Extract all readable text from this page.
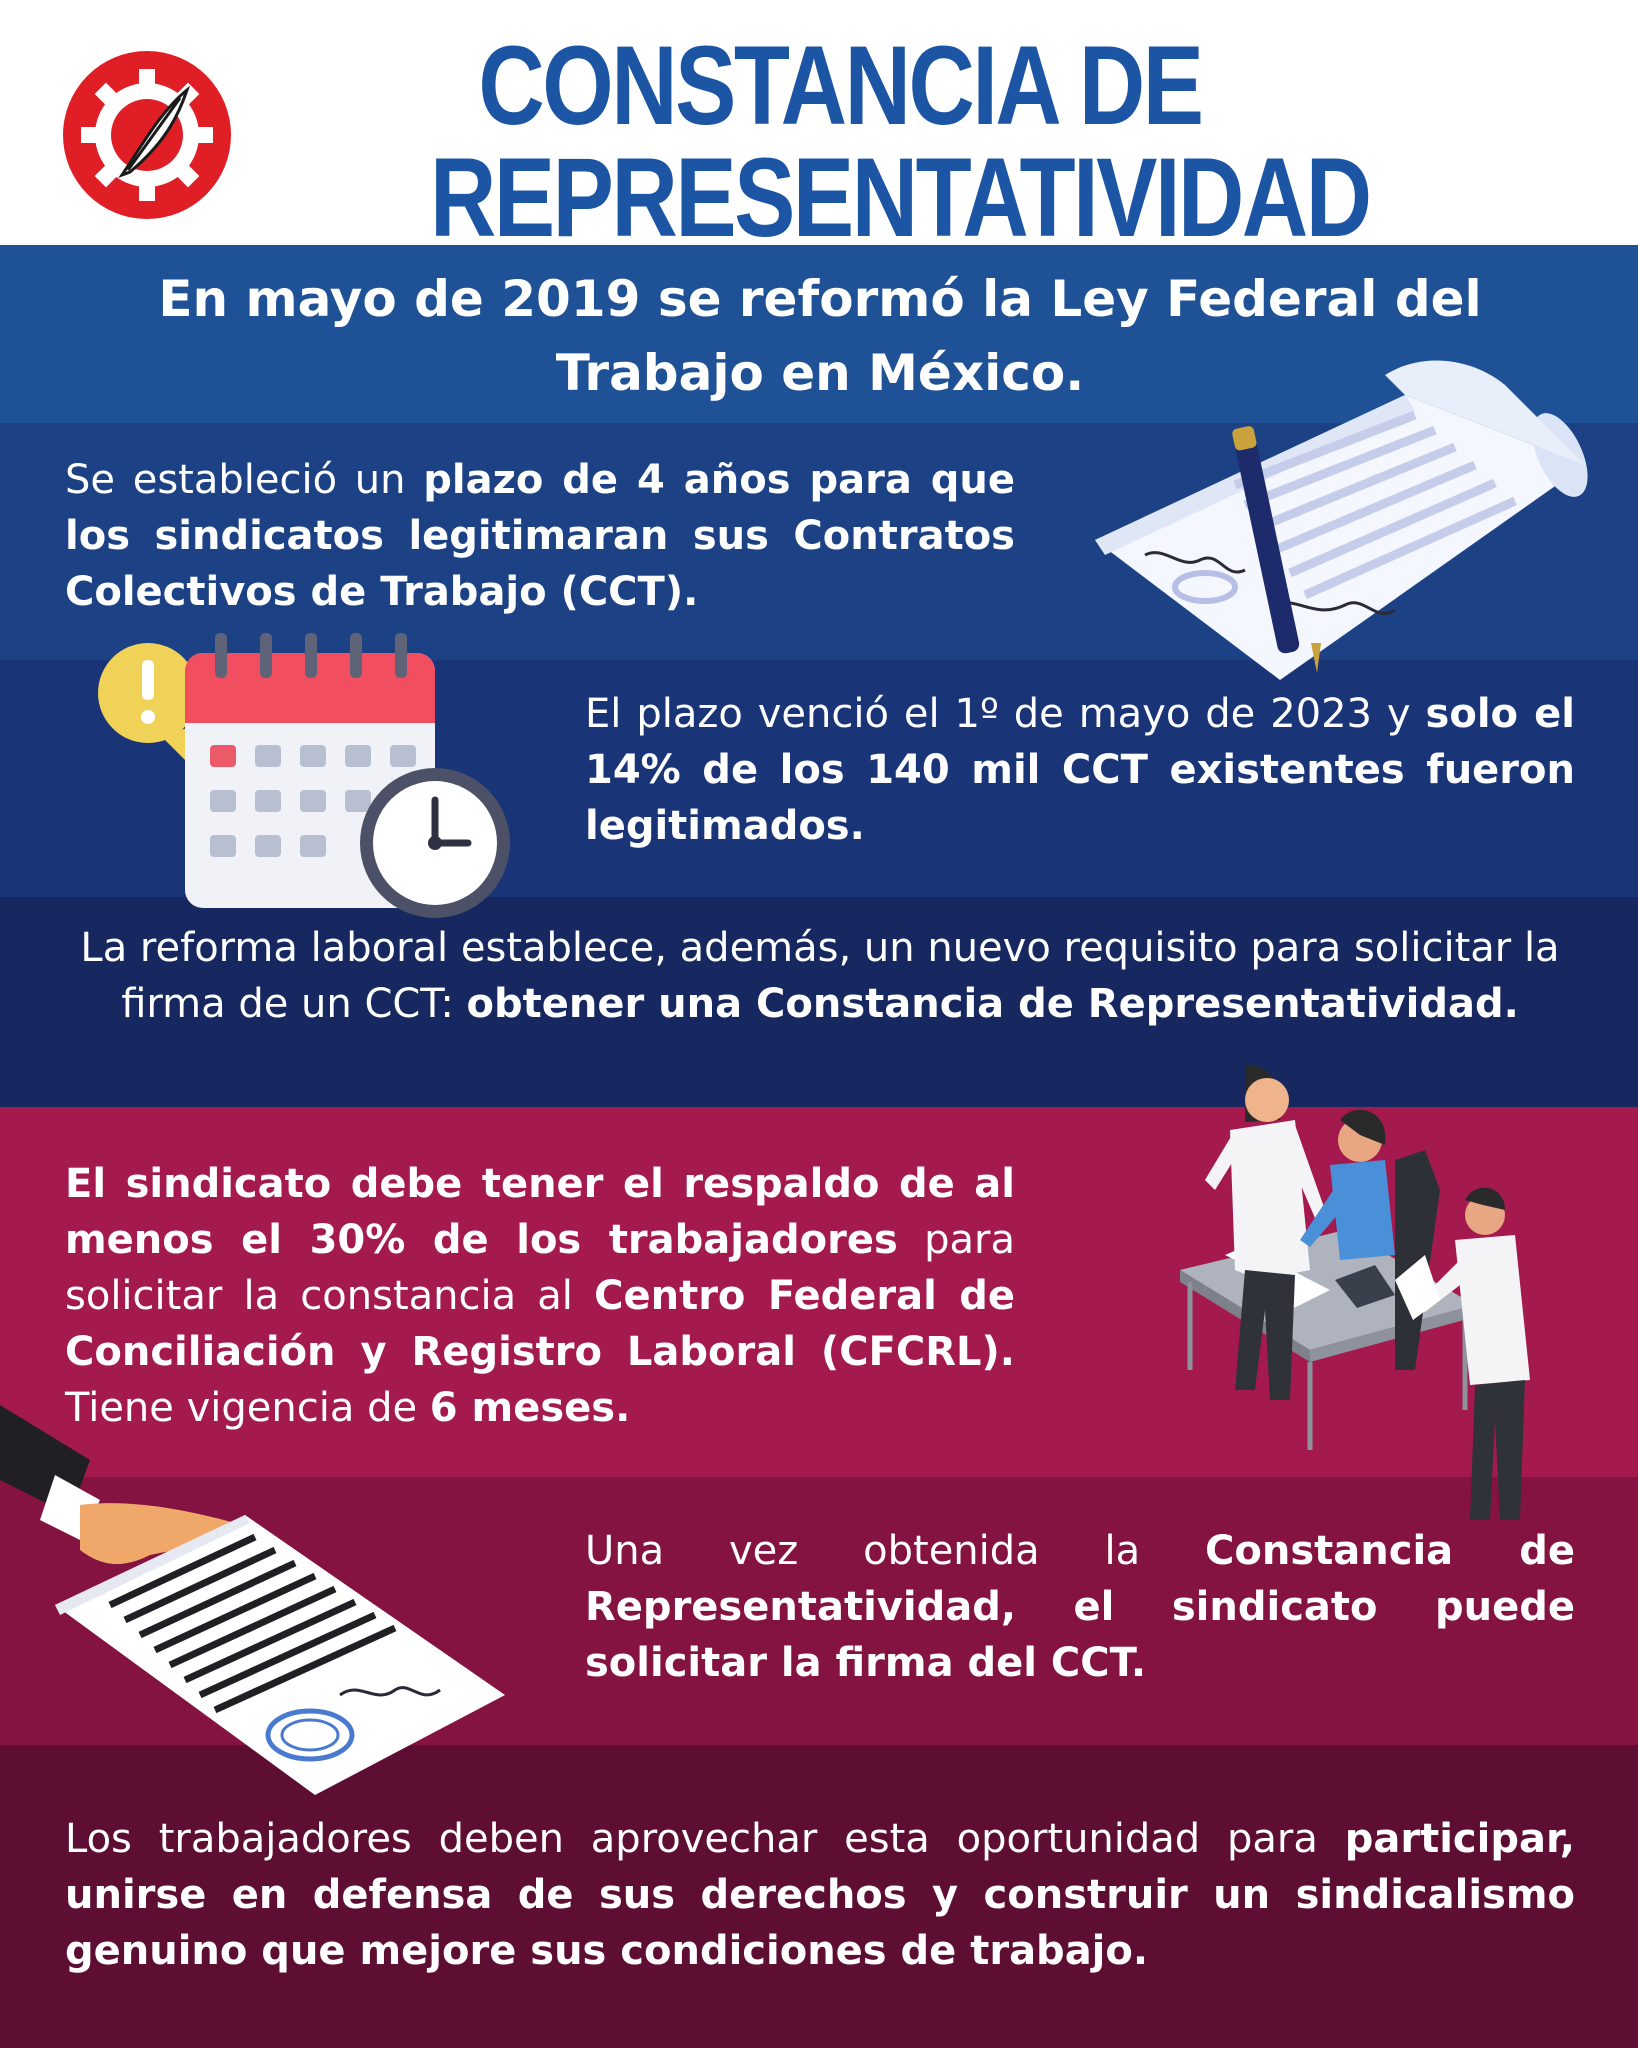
CONSTANCIA DE
REPRESENTATIVIDAD
En mayo de 2019 se reformó la Ley Federal del Trabajo en México.
Se estableció un plazo de 4 años para que los sindicatos legitimaran sus Contratos Colectivos de Trabajo (CCT).
El plazo venció el 1º de mayo de 2023 y solo el 14% de los 140 mil CCT existentes fueron legitimados.
La reforma laboral establece, además, un nuevo requisito para solicitar la firma de un CCT: obtener una Constancia de Representatividad.
El sindicato debe tener el respaldo de al menos el 30% de los trabajadores para solicitar la constancia al Centro Federal de Conciliación y Registro Laboral (CFCRL). Tiene vigencia de 6 meses.
Una vez obtenida la Constancia de Representatividad, el sindicato puede solicitar la firma del CCT.
Los trabajadores deben aprovechar esta oportunidad para participar, unirse en defensa de sus derechos y construir un sindicalismo genuino que mejore sus condiciones de trabajo.
